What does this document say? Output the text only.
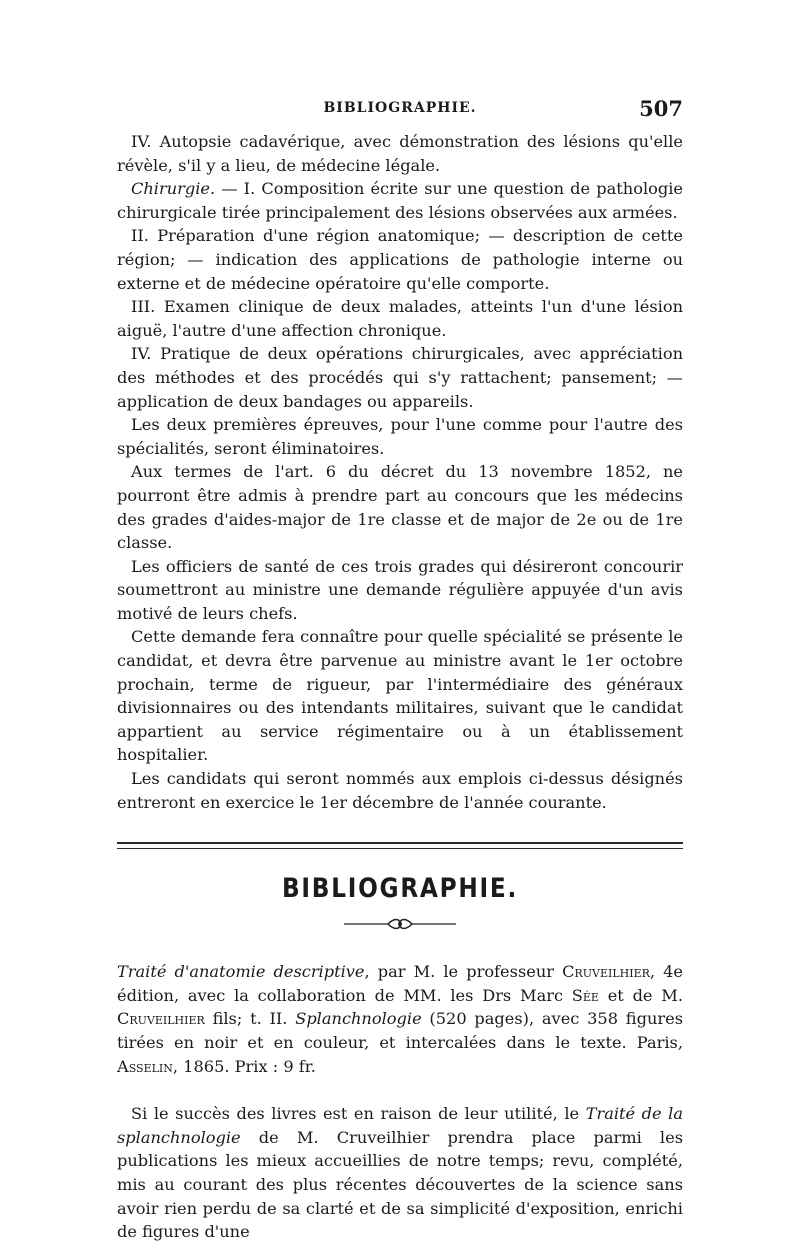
BIBLIOGRAPHIE.	507

IV. Autopsie cadavérique, avec démonstration des lésions qu'elle révèle, s'il y a lieu, de médecine légale.

Chirurgie. — I. Composition écrite sur une question de pathologie chirurgicale tirée principalement des lésions observées aux armées.

II. Préparation d'une région anatomique; — description de cette région; — indication des applications de pathologie interne ou externe et de médecine opératoire qu'elle comporte.

III. Examen clinique de deux malades, atteints l'un d'une lésion aiguë, l'autre d'une affection chronique.

IV. Pratique de deux opérations chirurgicales, avec appréciation des méthodes et des procédés qui s'y rattachent; pansement; — application de deux bandages ou appareils.

Les deux premières épreuves, pour l'une comme pour l'autre des spécialités, seront éliminatoires.

Aux termes de l'art. 6 du décret du 13 novembre 1852, ne pourront être admis à prendre part au concours que les médecins des grades d'aides-major de 1re classe et de major de 2e ou de 1re classe.

Les officiers de santé de ces trois grades qui désireront concourir soumettront au ministre une demande régulière appuyée d'un avis motivé de leurs chefs.

Cette demande fera connaître pour quelle spécialité se présente le candidat, et devra être parvenue au ministre avant le 1er octobre prochain, terme de rigueur, par l'intermédiaire des généraux divisionnaires ou des intendants militaires, suivant que le candidat appartient au service régimentaire ou à un établissement hospitalier.

Les candidats qui seront nommés aux emplois ci-dessus désignés entreront en exercice le 1er décembre de l'année courante.

BIBLIOGRAPHIE.
Traité d'anatomie descriptive, par M. le professeur Cruveilhier, 4e édition, avec la collaboration de MM. les Drs Marc Sée et de M. Cruveilhier fils; t. II. Splanchnologie (520 pages), avec 358 figures tirées en noir et en couleur, et intercalées dans le texte. Paris, Asselin, 1865. Prix : 9 fr.
Si le succès des livres est en raison de leur utilité, le Traité de la splanchnologie de M. Cruveilhier prendra place parmi les publications les mieux accueillies de notre temps; revu, complété, mis au courant des plus récentes découvertes de la science sans avoir rien perdu de sa clarté et de sa simplicité d'exposition, enrichi de figures d'une
